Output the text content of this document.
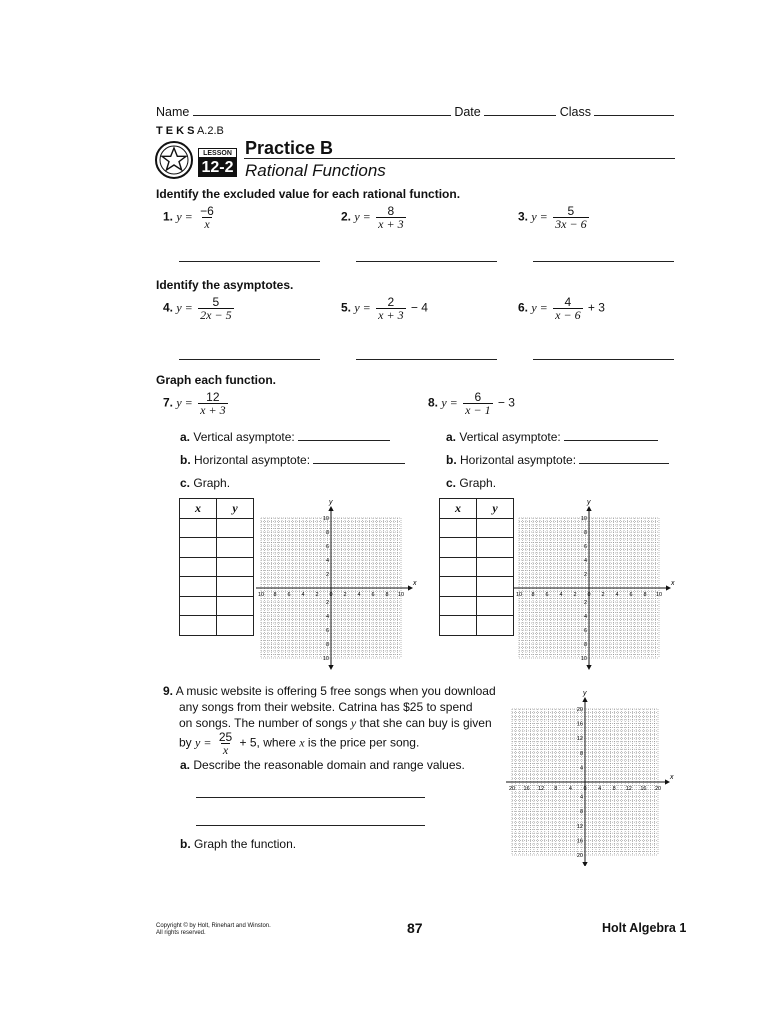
Name	Date	Class
T E K S A.2.B
LESSON
12-2
Practice B
Rational Functions
Identify the excluded value for each rational function.
1. $y = \frac{-6}{x}$	2. $y = \frac{8}{x + 3}$	3. $y = \frac{5}{3x - 6}$
Identify the asymptotes.
4. $y = \frac{5}{2x - 5}$	5. $y = \frac{2}{x + 3} - 4$	6. $y = \frac{4}{x - 6} + 3$
Graph each function.
7. $y = \frac{12}{x + 3}$	8. $y = \frac{6}{x - 1} - 3$
a. Vertical asymptote:
b. Horizontal asymptote:
c. Graph.
a. Vertical asymptote:
b. Horizontal asymptote:
c. Graph.
x	y

		x	y

x
y
10 8 6 4 2 0 2 4 6 8 10
10
8
6
4
2
2
4
6
8
10
x
y
10 8 6 4 2 0 2 4 6 8 10
10
8
6
4
2
2
4
6
8
10
x
y
20 16 12 8 4 0 4 8 12 16 20
20
16
12
8
4
4
8
12
16
20
9. A music website is offering 5 free songs when you download
any songs from their website. Catrina has $25 to spend
on songs. The number of songs y that she can buy is given
by $y = \frac{25}{x} + 5$, where x is the price per song.
a. Describe the reasonable domain and range values.
b. Graph the function.
Copyright © by Holt, Rinehart and Winston.
All rights reserved.	87	Holt Algebra 1
